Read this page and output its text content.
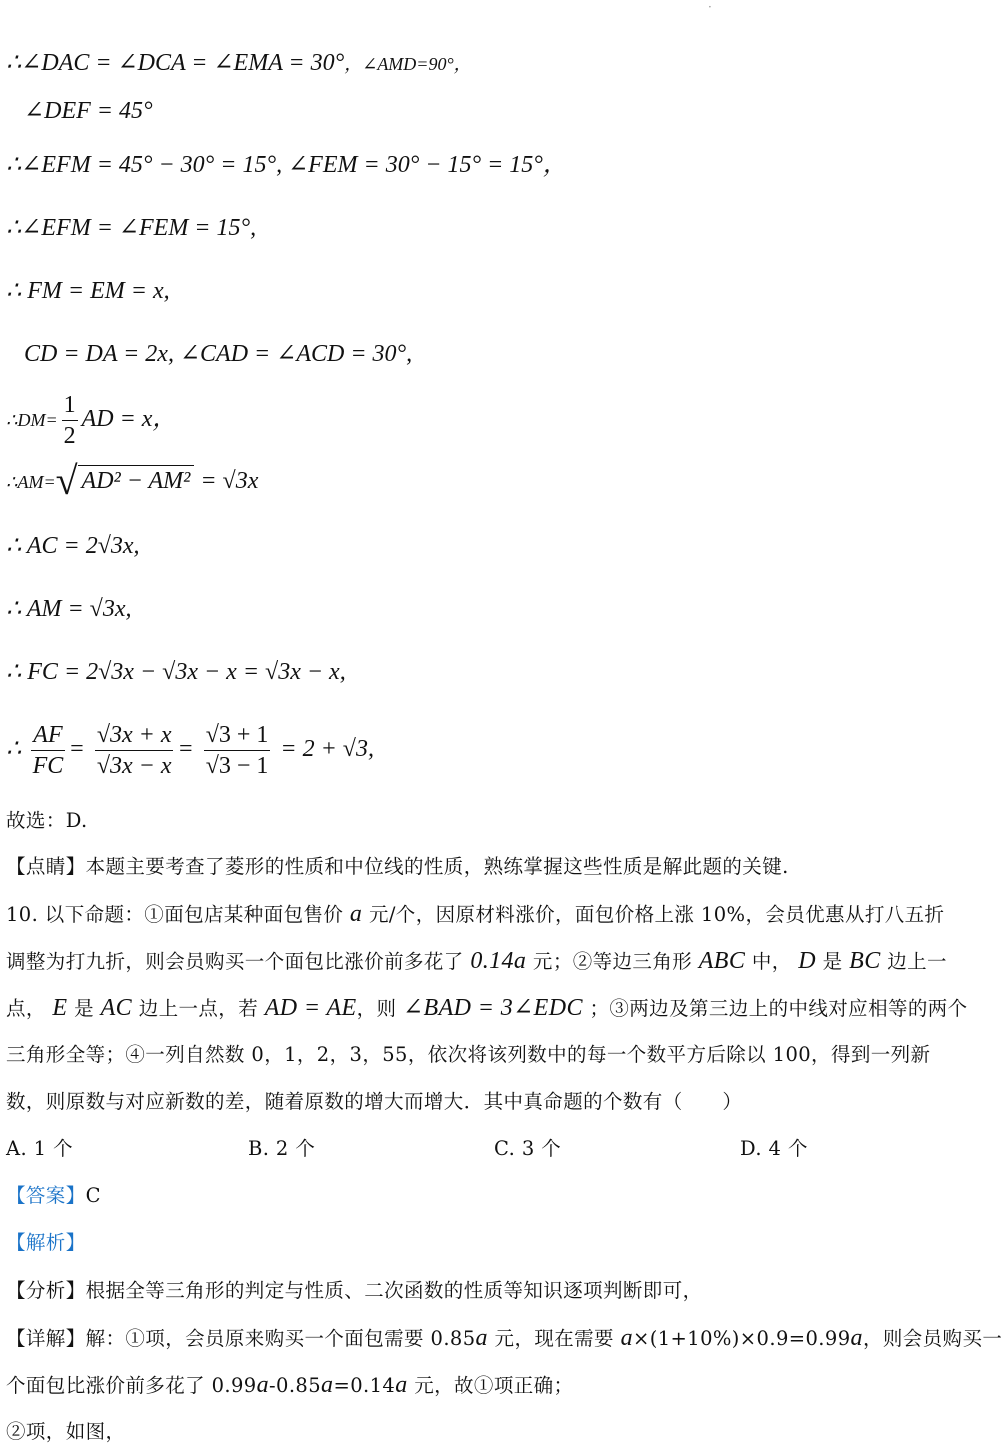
∴∠DAC = ∠DCA = ∠EMA = 30°，∠AMD=90°，
∠DEF = 45°
∴∠EFM = 45° − 30° = 15°, ∠FEM = 30° − 15° = 15°，
∴∠EFM = ∠FEM = 15°,
∴ FM = EM = x,
CD = DA = 2x, ∠CAD = ∠ACD = 30°,
∴DM= $\frac{1}{2}$ AD = x，
∴AM=√ AD² − AM² = √3x
∴ AC = 2√3x,
∴ AM = √3x,
∴ FC = 2√3x − √3x − x = √3x − x,
∴ $\frac{AF}{FC} = \frac{√3x + x}{√3x - x} = \frac{√3 + 1}{√3 - 1} = 2 + √3$,
故选：D.
【点睛】本题主要考查了菱形的性质和中位线的性质，熟练掌握这些性质是解此题的关键.
10. 以下命题：①面包店某种面包售价 a 元/个，因原材料涨价，面包价格上涨 10%，会员优惠从打八五折
调整为打九折，则会员购买一个面包比涨价前多花了 0.14a 元；②等边三角形 ABC 中， D 是 BC 边上一
点， E 是 AC 边上一点，若 AD = AE，则 ∠BAD = 3∠EDC ；③两边及第三边上的中线对应相等的两个
三角形全等；④一列自然数 0，1，2，3，55，依次将该列数中的每一个数平方后除以 100，得到一列新
数，则原数与对应新数的差，随着原数的增大而增大．其中真命题的个数有（　　）
A. 1 个	B. 2 个	C. 3 个	D. 4 个
【答案】C
【解析】
【分析】根据全等三角形的判定与性质、二次函数的性质等知识逐项判断即可，
【详解】解：①项，会员原来购买一个面包需要 0.85a 元，现在需要 a×(1+10%)×0.9=0.99a，则会员购买一
个面包比涨价前多花了 0.99a-0.85a=0.14a 元，故①项正确；
②项，如图，
·
